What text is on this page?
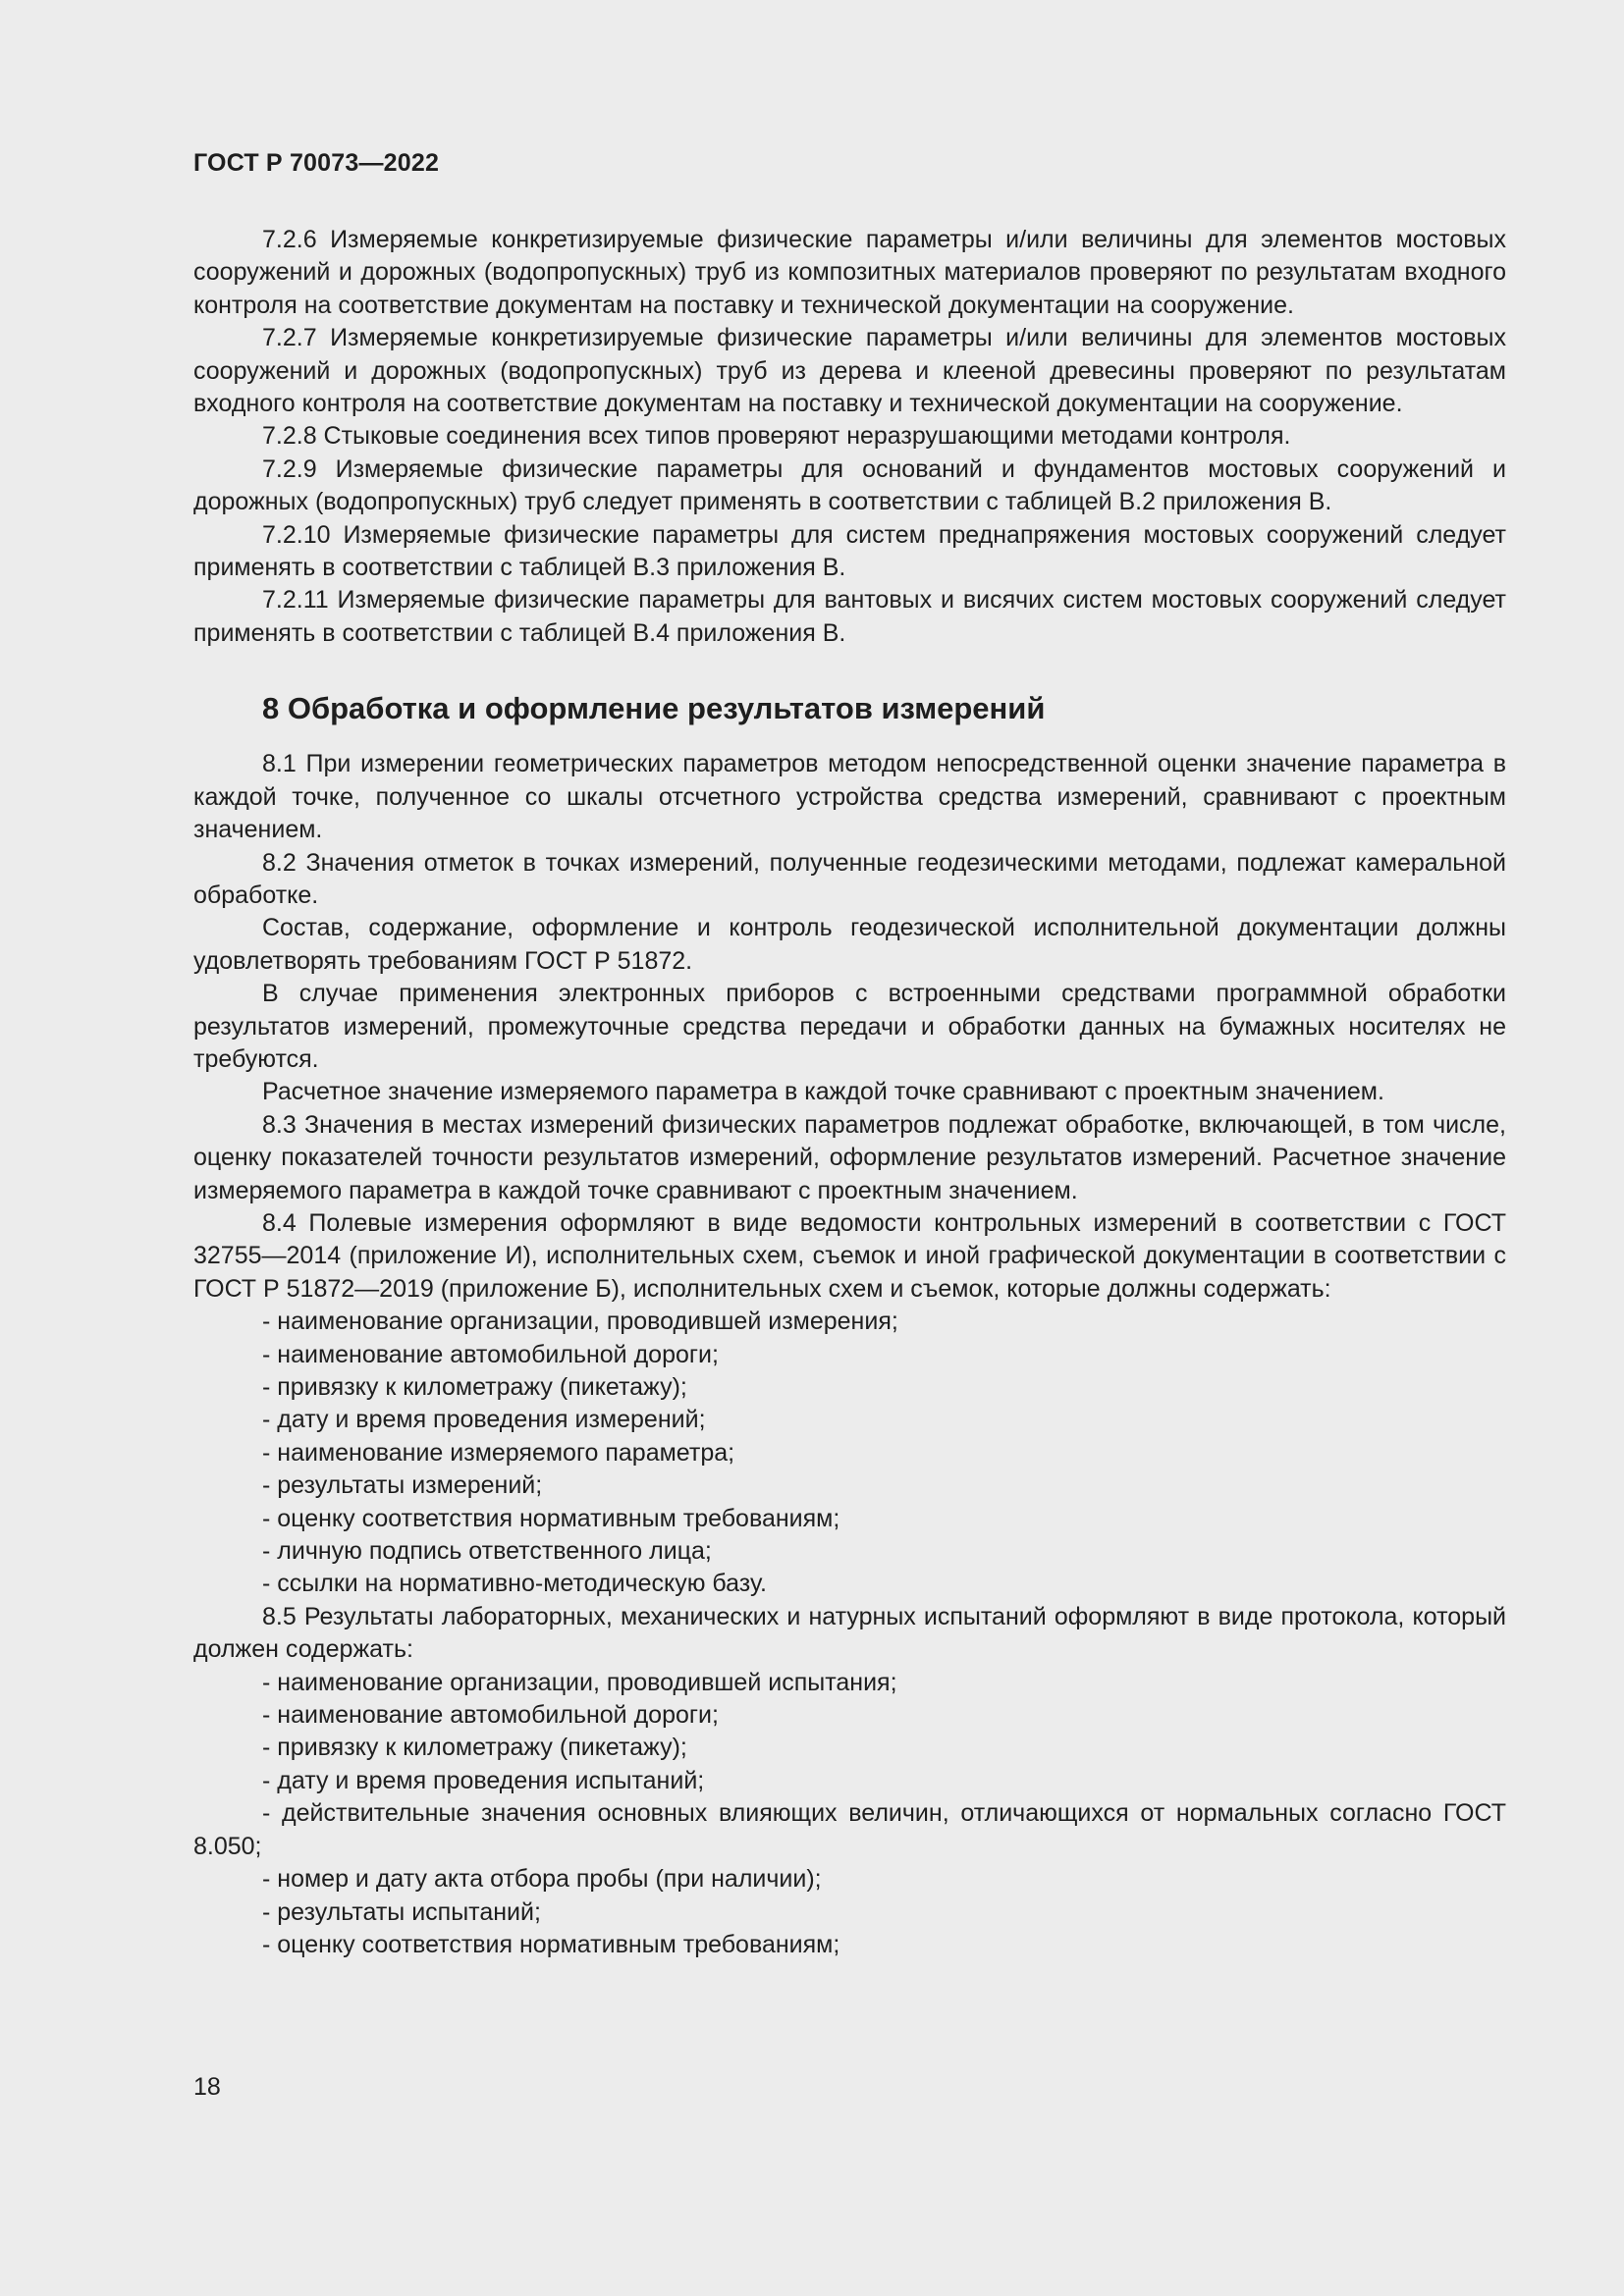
ГОСТ Р 70073—2022

7.2.6 Измеряемые конкретизируемые физические параметры и/или величины для элементов мостовых сооружений и дорожных (водопропускных) труб из композитных материалов проверяют по результатам входного контроля на соответствие документам на поставку и технической документации на сооружение.

7.2.7 Измеряемые конкретизируемые физические параметры и/или величины для элементов мостовых сооружений и дорожных (водопропускных) труб из дерева и клееной древесины проверяют по результатам входного контроля на соответствие документам на поставку и технической документации на сооружение.

7.2.8 Стыковые соединения всех типов проверяют неразрушающими методами контроля.

7.2.9 Измеряемые физические параметры для оснований и фундаментов мостовых сооружений и дорожных (водопропускных) труб следует применять в соответствии с таблицей В.2 приложения В.

7.2.10 Измеряемые физические параметры для систем преднапряжения мостовых сооружений следует применять в соответствии с таблицей В.3 приложения В.

7.2.11 Измеряемые физические параметры для вантовых и висячих систем мостовых сооружений следует применять в соответствии с таблицей В.4 приложения В.

8 Обработка и оформление результатов измерений

8.1 При измерении геометрических параметров методом непосредственной оценки значение параметра в каждой точке, полученное со шкалы отсчетного устройства средства измерений, сравнивают с проектным значением.

8.2 Значения отметок в точках измерений, полученные геодезическими методами, подлежат камеральной обработке.

Состав, содержание, оформление и контроль геодезической исполнительной документации должны удовлетворять требованиям ГОСТ Р 51872.

В случае применения электронных приборов с встроенными средствами программной обработки результатов измерений, промежуточные средства передачи и обработки данных на бумажных носителях не требуются.

Расчетное значение измеряемого параметра в каждой точке сравнивают с проектным значением.

8.3 Значения в местах измерений физических параметров подлежат обработке, включающей, в том числе, оценку показателей точности результатов измерений, оформление результатов измерений. Расчетное значение измеряемого параметра в каждой точке сравнивают с проектным значением.

8.4 Полевые измерения оформляют в виде ведомости контрольных измерений в соответствии с ГОСТ 32755—2014 (приложение И), исполнительных схем, съемок и иной графической документации в соответствии с ГОСТ Р 51872—2019 (приложение Б), исполнительных схем и съемок, которые должны содержать:

- наименование организации, проводившей измерения;

- наименование автомобильной дороги;

- привязку к километражу (пикетажу);

- дату и время проведения измерений;

- наименование измеряемого параметра;

- результаты измерений;

- оценку соответствия нормативным требованиям;

- личную подпись ответственного лица;

- ссылки на нормативно-методическую базу.

8.5 Результаты лабораторных, механических и натурных испытаний оформляют в виде протокола, который должен содержать:

- наименование организации, проводившей испытания;

- наименование автомобильной дороги;

- привязку к километражу (пикетажу);

- дату и время проведения испытаний;

- действительные значения основных влияющих величин, отличающихся от нормальных согласно ГОСТ 8.050;

- номер и дату акта отбора пробы (при наличии);

- результаты испытаний;

- оценку соответствия нормативным требованиям;

18
